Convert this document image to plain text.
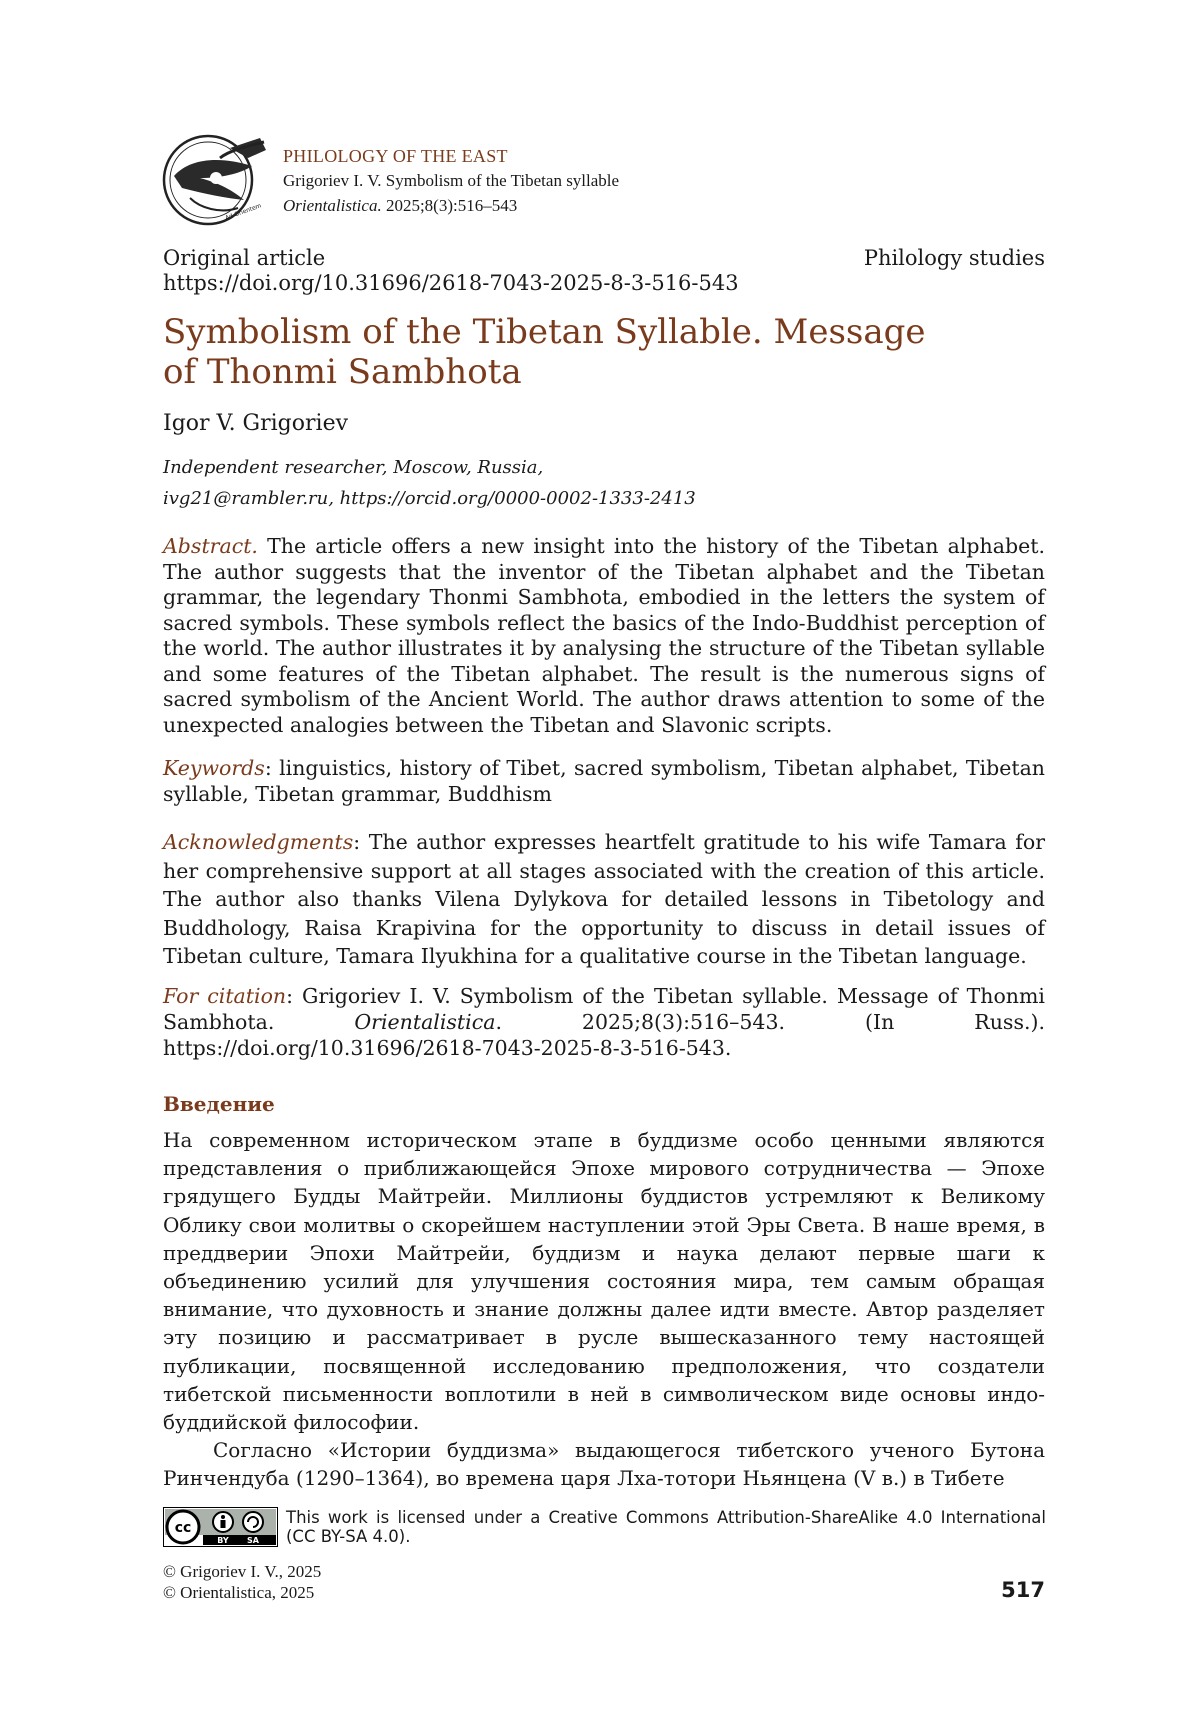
Ad Orientem
PHILOLOGY OF THE EAST
Grigoriev I. V. Symbolism of the Tibetan syllable
Orientalistica. 2025;8(3):516–543
Original article
https://doi.org/10.31696/2618-7043-2025-8-3-516-543
Philology studies
Symbolism of the Tibetan Syllable. Message
of Thonmi Sambhota
Igor V. Grigoriev
Independent researcher, Moscow, Russia,
ivg21@rambler.ru, https://orcid.org/0000-0002-1333-2413

Abstract. The article offers a new insight into the history of the Tibetan alphabet. The author suggests that the inventor of the Tibetan alphabet and the Tibetan grammar, the legendary Thonmi Sambhota, embodied in the letters the system of sacred symbols. These symbols reflect the basics of the Indo-Buddhist perception of the world. The author illustrates it by analysing the structure of the Tibetan syllable and some features of the Tibetan alphabet. The result is the numerous signs of sacred symbolism of the Ancient World. The author draws attention to some of the unexpected analogies between the Tibetan and Slavonic scripts.

Keywords: linguistics, history of Tibet, sacred symbolism, Tibetan alphabet, Tibetan syllable, Tibetan grammar, Buddhism

Acknowledgments: The author expresses heartfelt gratitude to his wife Tamara for her comprehensive support at all stages associated with the creation of this article. The author also thanks Vilena Dylykova for detailed lessons in Tibetology and Buddhology, Raisa Krapivina for the opportunity to discuss in detail issues of Tibetan culture, Tamara Ilyukhina for a qualitative course in the Tibetan language.

For citation: Grigoriev I. V. Symbolism of the Tibetan syllable. Message of Thonmi Sambhota. Orientalistica. 2025;8(3):516–543. (In Russ.). https://doi.org/10.31696/2618-7043-2025-8-3-516-543.

Введение

На современном историческом этапе в буддизме особо ценными являются представления о приближающейся Эпохе мирового сотрудничества — Эпохе грядущего Будды Майтрейи. Миллионы буддистов устремляют к Великому Облику свои молитвы о скорейшем наступлении этой Эры Света. В наше время, в преддверии Эпохи Майтрейи, буддизм и наука делают первые шаги к объединению усилий для улучшения состояния мира, тем самым обращая внимание, что духовность и знание должны далее идти вместе. Автор разделяет эту позицию и рассматривает в русле вышесказанного тему настоящей публикации, посвященной исследованию предположения, что создатели тибетской письменности воплотили в ней в символическом виде основы индо-буддийской философии.

Согласно «Истории буддизма» выдающегося тибетского ученого Бутона Ринчендуба (1290–1364), во времена царя Лха-тотори Ньянцена (V в.) в Тибете

cc
BY SA
This work is licensed under a Creative Commons Attribution-ShareAlike 4.0 International (CC BY-SA 4.0).
© Grigoriev I. V., 2025
© Orientalistica, 2025	517
